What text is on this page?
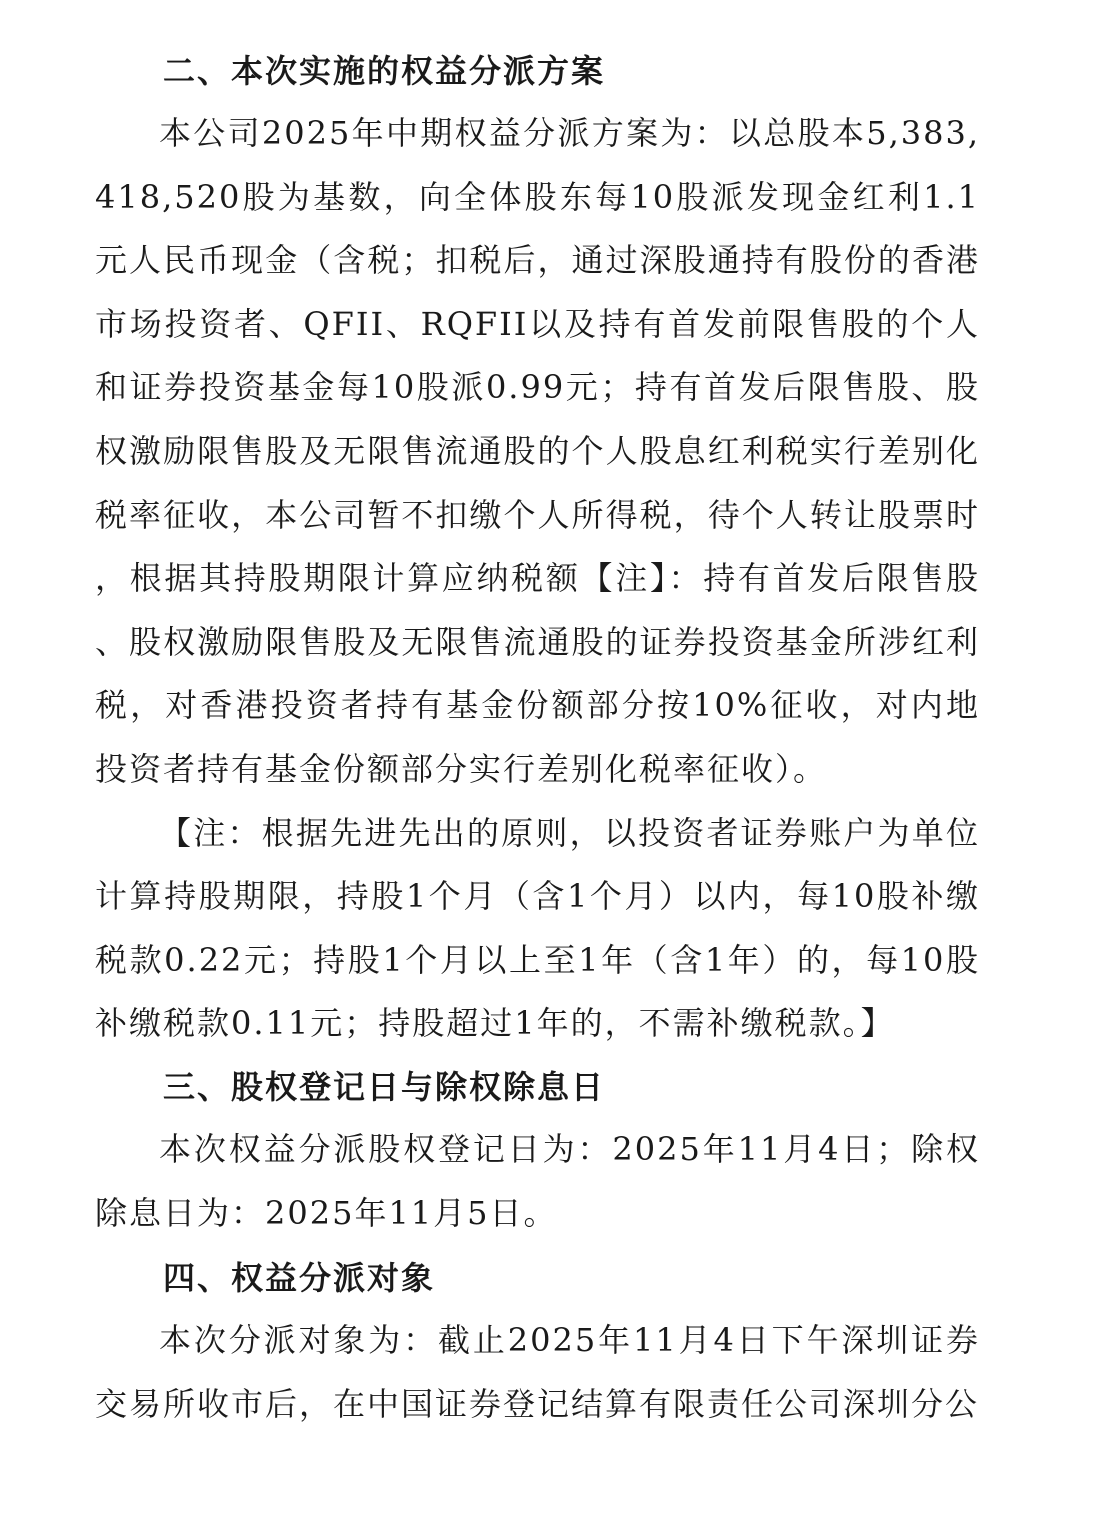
二、本次实施的权益分派方案

本公司2025年中期权益分派方案为：以总股本5,383,418,520股为基数，向全体股东每10股派发现金红利1.1元人民币现金（含税；扣税后，通过深股通持有股份的香港市场投资者、QFII、RQFII以及持有首发前限售股的个人和证券投资基金每10股派0.99元；持有首发后限售股、股权激励限售股及无限售流通股的个人股息红利税实行差别化税率征收，本公司暂不扣缴个人所得税，待个人转让股票时，根据其持股期限计算应纳税额【注】：持有首发后限售股、股权激励限售股及无限售流通股的证券投资基金所涉红利税，对香港投资者持有基金份额部分按10%征收，对内地投资者持有基金份额部分实行差别化税率征收）。

【注：根据先进先出的原则，以投资者证券账户为单位计算持股期限，持股1个月（含1个月）以内，每10股补缴税款0.22元；持股1个月以上至1年（含1年）的，每10股补缴税款0.11元；持股超过1年的，不需补缴税款。】

三、股权登记日与除权除息日

本次权益分派股权登记日为：2025年11月4日；除权除息日为：2025年11月5日。

四、权益分派对象

本次分派对象为：截止2025年11月4日下午深圳证券交易所收市后，在中国证券登记结算有限责任公司深圳分公
